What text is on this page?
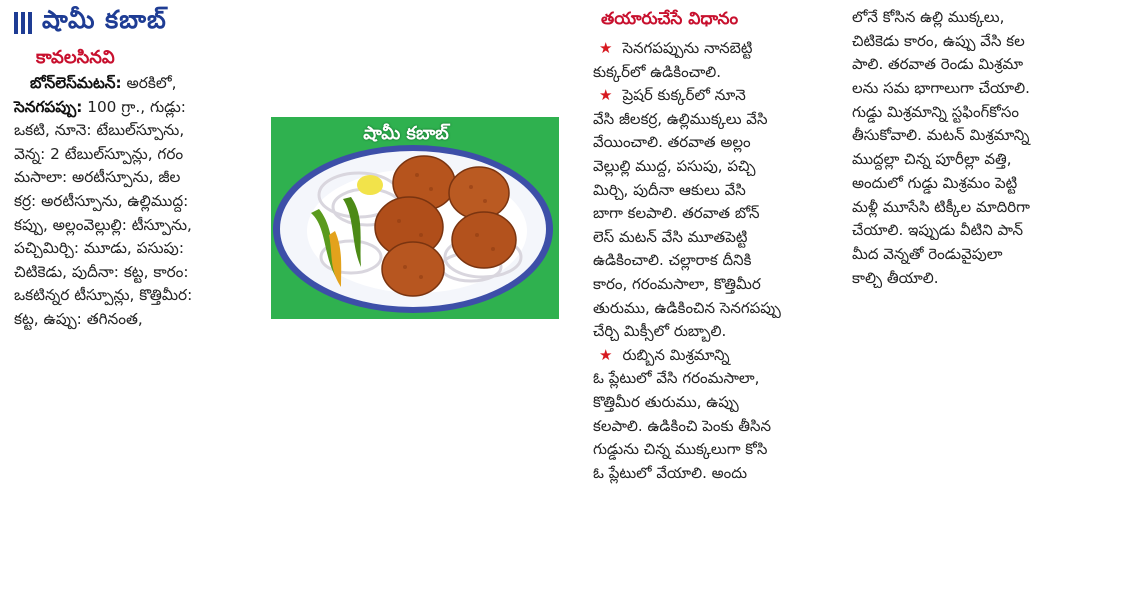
షామీ కబాబ్
కావలసినవి
బోన్‌లెస్‌మటన్: అరకిలో,
సెనగపప్పు: 100 గ్రా., గుడ్లు:
ఒకటి, నూనె: టేబుల్‌స్పూను,
వెన్న: 2 టేబుల్‌స్పూన్లు, గరం
మసాలా: అరటీస్పూను, జీల
కర్ర: అరటీస్పూను, ఉల్లిముద్ద:
కప్పు, అల్లంవెల్లుల్లి: టీస్పూను,
పచ్చిమిర్చి: మూడు, పసుపు:
చిటికెడు, పుదీనా: కట్ట, కారం:
ఒకటిన్నర టీస్పూన్లు, కొత్తిమీర:
కట్ట, ఉప్పు: తగినంత,
షామీ కబాబ్
తయారుచేసే విధానం
★ సెనగపప్పును నానబెట్టి
కుక్కర్‌లో ఉడికించాలి.
★ ప్రెషర్ కుక్కర్‌లో నూనె
వేసి జీలకర్ర, ఉల్లిముక్కలు వేసి
వేయించాలి. తరవాత అల్లం
వెల్లుల్లి ముద్ద, పసుపు, పచ్చి
మిర్చి, పుదీనా ఆకులు వేసి
బాగా కలపాలి. తరవాత బోన్
లెస్ మటన్ వేసి మూతపెట్టి
ఉడికించాలి. చల్లారాక దీనికి
కారం, గరంమసాలా, కొత్తిమీర
తురుము, ఉడికించిన సెనగపప్పు
చేర్చి మిక్సీలో రుబ్బాలి.
★ రుబ్బిన మిశ్రమాన్ని
ఓ ప్లేటులో వేసి గరంమసాలా,
కొత్తిమీర తురుము, ఉప్పు
కలపాలి. ఉడికించి పెంకు తీసిన
గుడ్డును చిన్న ముక్కలుగా కోసి
ఓ ప్లేటులో వేయాలి. అందు
లోనే కోసిన ఉల్లి ముక్కలు,
చిటికెడు కారం, ఉప్పు వేసి కల
పాలి. తరవాత రెండు మిశ్రమా
లను సమ భాగాలుగా చేయాలి.
గుడ్డు మిశ్రమాన్ని స్టఫింగ్‌కోసం
తీసుకోవాలి. మటన్ మిశ్రమాన్ని
ముద్దల్లా చిన్న పూరీల్లా వత్తి,
అందులో గుడ్డు మిశ్రమం పెట్టి
మళ్లీ మూసేసి టిక్కీల మాదిరిగా
చేయాలి. ఇప్పుడు వీటిని పాన్
మీద వెన్నతో రెండువైపులా
కాల్చి తీయాలి.
